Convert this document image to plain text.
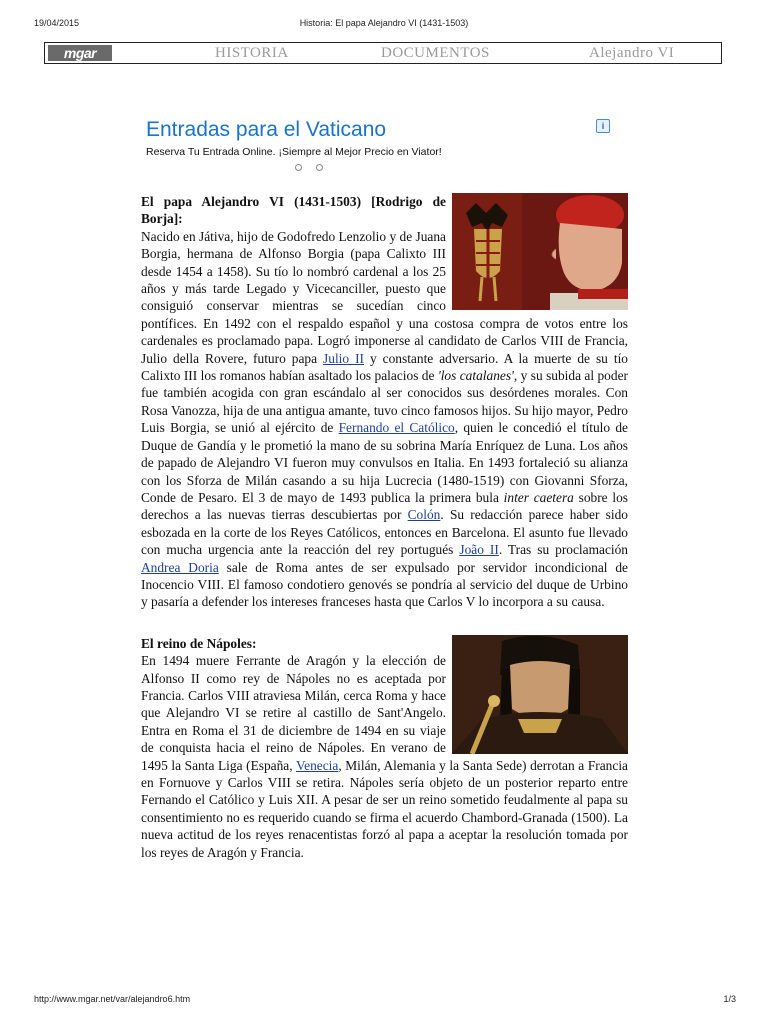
19/04/2015	Historia: El papa Alejandro VI (1431-1503)
mgar	HISTORIA	DOCUMENTOS	Alejandro VI
Entradas para el Vaticano
Reserva Tu Entrada Online. ¡Siempre al Mejor Precio en Viator!
i

El papa Alejandro VI (1431-1503) [Rodrigo de Borja]:
Nacido en Játiva, hijo de Godofredo Lenzolio y de Juana Borgia, hermana de Alfonso Borgia (papa Calixto III desde 1454 a 1458). Su tío lo nombró cardenal a los 25 años y más tarde Legado y Vicecanciller, puesto que consiguió conservar mientras se sucedían cinco pontífices. En 1492 con el respaldo español y una costosa compra de votos entre los cardenales es proclamado papa. Logró imponerse al candidato de Carlos VIII de Francia, Julio della Rovere, futuro papa Julio II y constante adversario. A la muerte de su tío Calixto III los romanos habían asaltado los palacios de 'los catalanes', y su subida al poder fue también acogida con gran escándalo al ser conocidos sus desórdenes morales. Con Rosa Vanozza, hija de una antigua amante, tuvo cinco famosos hijos. Su hijo mayor, Pedro Luis Borgia, se unió al ejército de Fernando el Católico, quien le concedió el título de Duque de Gandía y le prometió la mano de su sobrina María Enríquez de Luna. Los años de papado de Alejandro VI fueron muy convulsos en Italia. En 1493 fortaleció su alianza con los Sforza de Milán casando a su hija Lucrecia (1480-1519) con Giovanni Sforza, Conde de Pesaro. El 3 de mayo de 1493 publica la primera bula inter caetera sobre los derechos a las nuevas tierras descubiertas por Colón. Su redacción parece haber sido esbozada en la corte de los Reyes Católicos, entonces en Barcelona. El asunto fue llevado con mucha urgencia ante la reacción del rey portugués João II. Tras su proclamación Andrea Doria sale de Roma antes de ser expulsado por servidor incondicional de Inocencio VIII. El famoso condotiero genovés se pondría al servicio del duque de Urbino y pasaría a defender los intereses franceses hasta que Carlos V lo incorpora a su causa.

El reino de Nápoles:
En 1494 muere Ferrante de Aragón y la elección de Alfonso II como rey de Nápoles no es aceptada por Francia. Carlos VIII atraviesa Milán, cerca Roma y hace que Alejandro VI se retire al castillo de Sant'Angelo. Entra en Roma el 31 de diciembre de 1494 en su viaje de conquista hacia el reino de Nápoles. En verano de 1495 la Santa Liga (España, Venecia, Milán, Alemania y la Santa Sede) derrotan a Francia en Fornuove y Carlos VIII se retira. Nápoles sería objeto de un posterior reparto entre Fernando el Católico y Luis XII. A pesar de ser un reino sometido feudalmente al papa su consentimiento no es requerido cuando se firma el acuerdo Chambord-Granada (1500). La nueva actitud de los reyes renacentistas forzó al papa a aceptar la resolución tomada por los reyes de Aragón y Francia.

http://www.mgar.net/var/alejandro6.htm	1/3
